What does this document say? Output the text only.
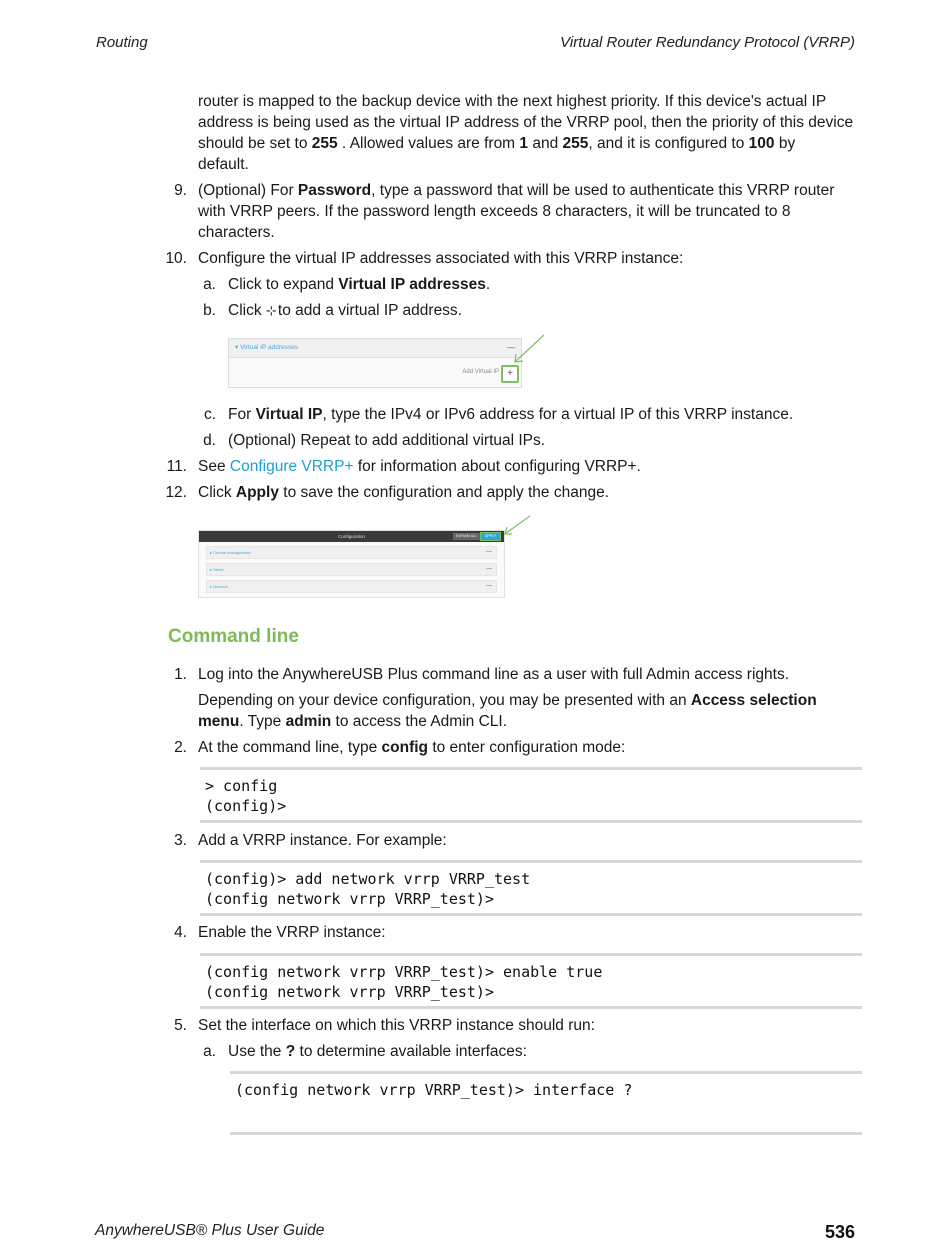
Routing	Virtual Router Redundancy Protocol (VRRP)
router is mapped to the backup device with the next highest priority. If this device's actual IP
address is being used as the virtual IP address of the VRRP pool, then the priority of this device
should be set to 255 . Allowed values are from 1 and 255, and it is configured to 100 by
default.
9. (Optional) For Password, type a password that will be used to authenticate this VRRP router
with VRRP peers. If the password length exceeds 8 characters, it will be truncated to 8
characters.
10. Configure the virtual IP addresses associated with this VRRP instance:
a. Click to expand Virtual IP addresses.
b. Click ⊹to add a virtual IP address.
▾ Virtual IP addresses	—
Add Virtual IP +
c. For Virtual IP, type the IPv4 or IPv6 address for a virtual IP of this VRRP instance.
d. (Optional) Repeat to add additional virtual IPs.
11. See Configure VRRP+ for information about configuring VRRP+.
12. Click Apply to save the configuration and apply the change.
Configuration	EXPAND ALL	APPLY
▸ Central management	—
▸ Serial	—
▸ Network	—
Command line
1. Log into the AnywhereUSB Plus command line as a user with full Admin access rights.
Depending on your device configuration, you may be presented with an Access selection
menu. Type admin to access the Admin CLI.
2. At the command line, type config to enter configuration mode:
> config
(config)>
3. Add a VRRP instance. For example:
(config)> add network vrrp VRRP_test
(config network vrrp VRRP_test)>
4. Enable the VRRP instance:
(config network vrrp VRRP_test)> enable true
(config network vrrp VRRP_test)>
5. Set the interface on which this VRRP instance should run:
a. Use the ? to determine available interfaces:
(config network vrrp VRRP_test)> interface ?

AnywhereUSB® Plus User Guide	536
